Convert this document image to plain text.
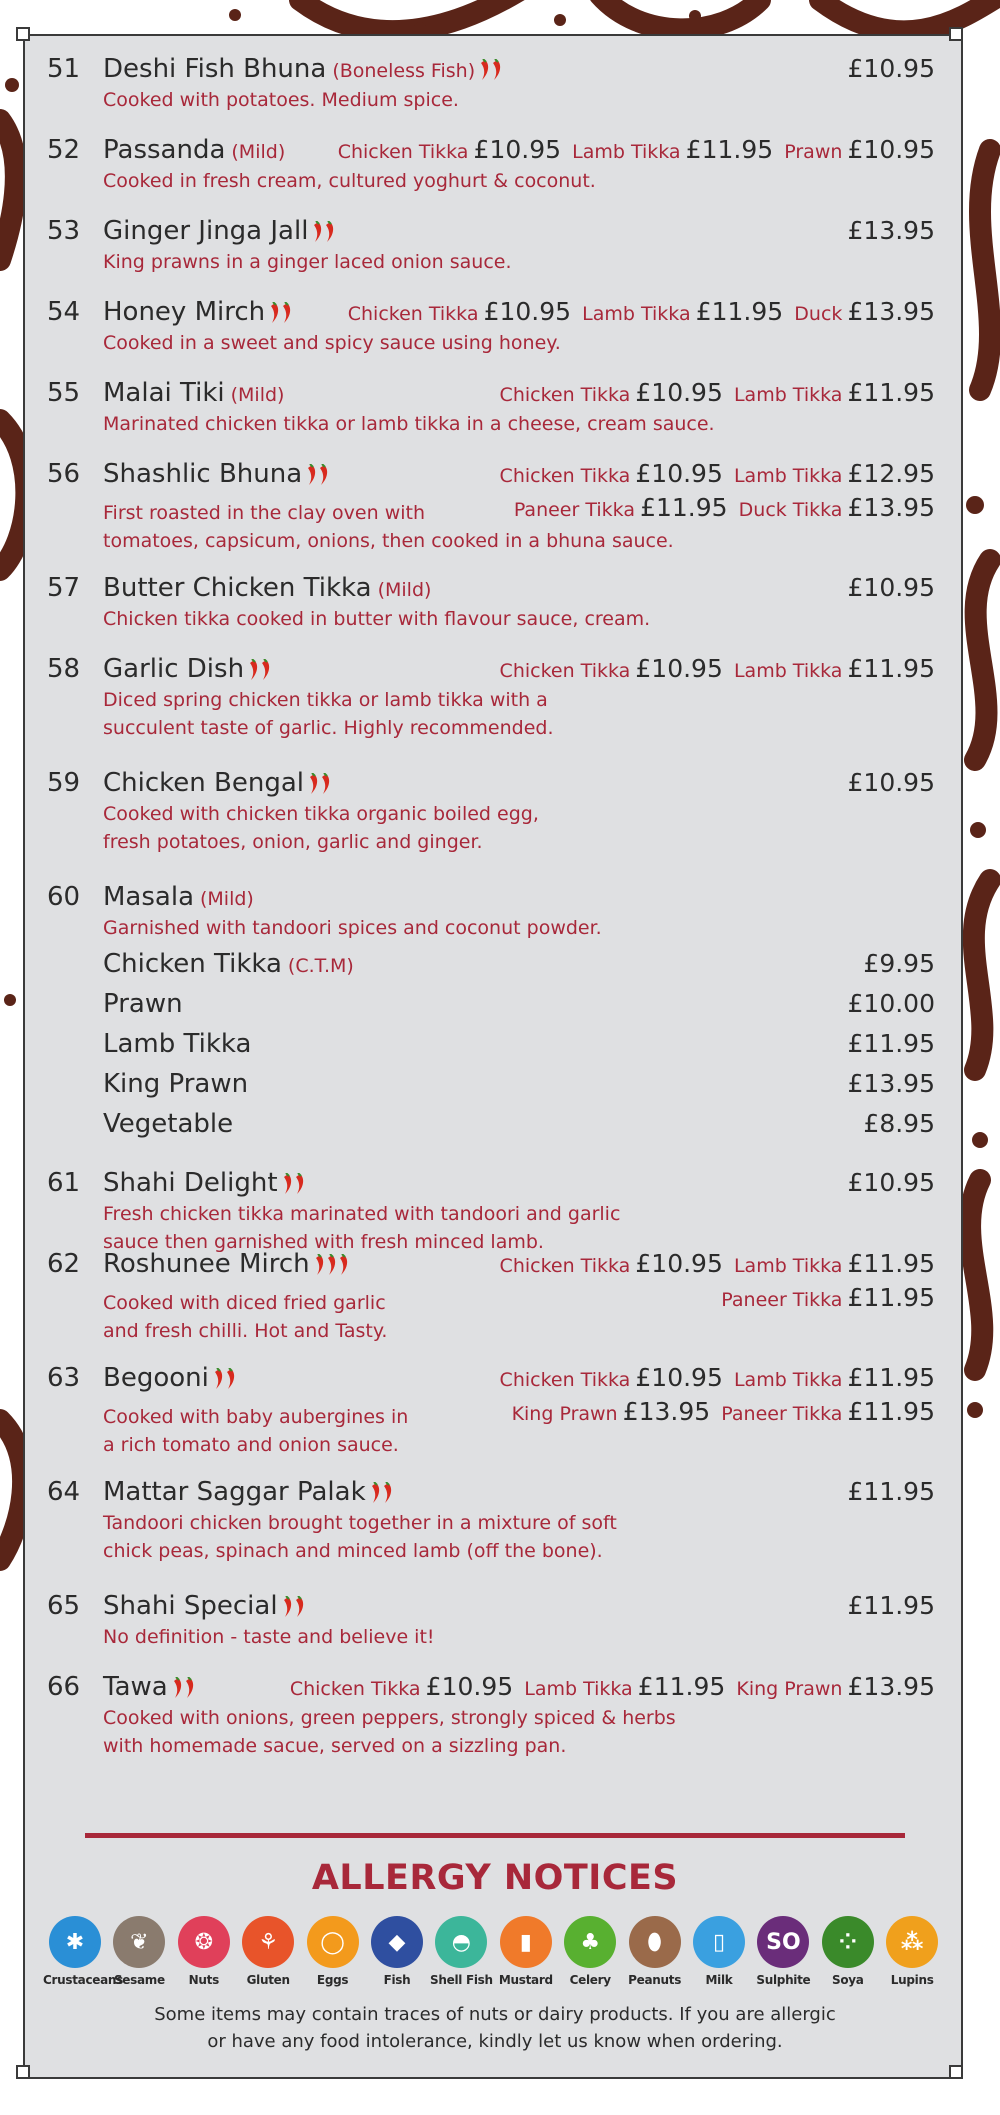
51 Deshi Fish Bhuna (Boneless Fish)	£10.95
Cooked with potatoes. Medium spice.
52 Passanda (Mild)	Chicken Tikka £10.95 Lamb Tikka £11.95 Prawn £10.95
Cooked in fresh cream, cultured yoghurt & coconut.
53 Ginger Jinga Jall	£13.95
King prawns in a ginger laced onion sauce.
54 Honey Mirch	Chicken Tikka £10.95 Lamb Tikka £11.95 Duck £13.95
Cooked in a sweet and spicy sauce using honey.
55 Malai Tiki (Mild)	Chicken Tikka £10.95 Lamb Tikka £11.95
Marinated chicken tikka or lamb tikka in a cheese, cream sauce.
56 Shashlic Bhuna	Chicken Tikka £10.95 Lamb Tikka £12.95
Paneer Tikka £11.95 Duck Tikka £13.95
First roasted in the clay oven with
tomatoes, capsicum, onions, then cooked in a bhuna sauce.
57 Butter Chicken Tikka (Mild)	£10.95
Chicken tikka cooked in butter with flavour sauce, cream.
58 Garlic Dish	Chicken Tikka £10.95 Lamb Tikka £11.95
Diced spring chicken tikka or lamb tikka with a
succulent taste of garlic. Highly recommended.
59 Chicken Bengal	£10.95
Cooked with chicken tikka organic boiled egg,
fresh potatoes, onion, garlic and ginger.
60 Masala (Mild)
Garnished with tandoori spices and coconut powder.
Chicken Tikka (C.T.M)	£9.95
Prawn	£10.00
Lamb Tikka	£11.95
King Prawn	£13.95
Vegetable	£8.95
61 Shahi Delight	£10.95
Fresh chicken tikka marinated with tandoori and garlic
sauce then garnished with fresh minced lamb.
62 Roshunee Mirch	Chicken Tikka £10.95 Lamb Tikka £11.95
Paneer Tikka £11.95
Cooked with diced fried garlic
and fresh chilli. Hot and Tasty.
63 Begooni	Chicken Tikka £10.95 Lamb Tikka £11.95
King Prawn £13.95 Paneer Tikka £11.95
Cooked with baby aubergines in
a rich tomato and onion sauce.
64 Mattar Saggar Palak	£11.95
Tandoori chicken brought together in a mixture of soft
chick peas, spinach and minced lamb (off the bone).
65 Shahi Special	£11.95
No definition - taste and believe it!
66 Tawa	Chicken Tikka £10.95 Lamb Tikka £11.95 King Prawn £13.95
Cooked with onions, green peppers, strongly spiced & herbs
with homemade sacue, served on a sizzling pan.
ALLERGY NOTICES
✱
Crustaceans
❦
Sesame
❂
Nuts
⚘
Gluten
◯
Eggs
◆
Fish
◓
Shell Fish
▮
Mustard
♣
Celery
⬮
Peanuts
▯
Milk
SO
Sulphite
⁘
Soya
⁂
Lupins
Some items may contain traces of nuts or dairy products. If you are allergic
or have any food intolerance, kindly let us know when ordering.
